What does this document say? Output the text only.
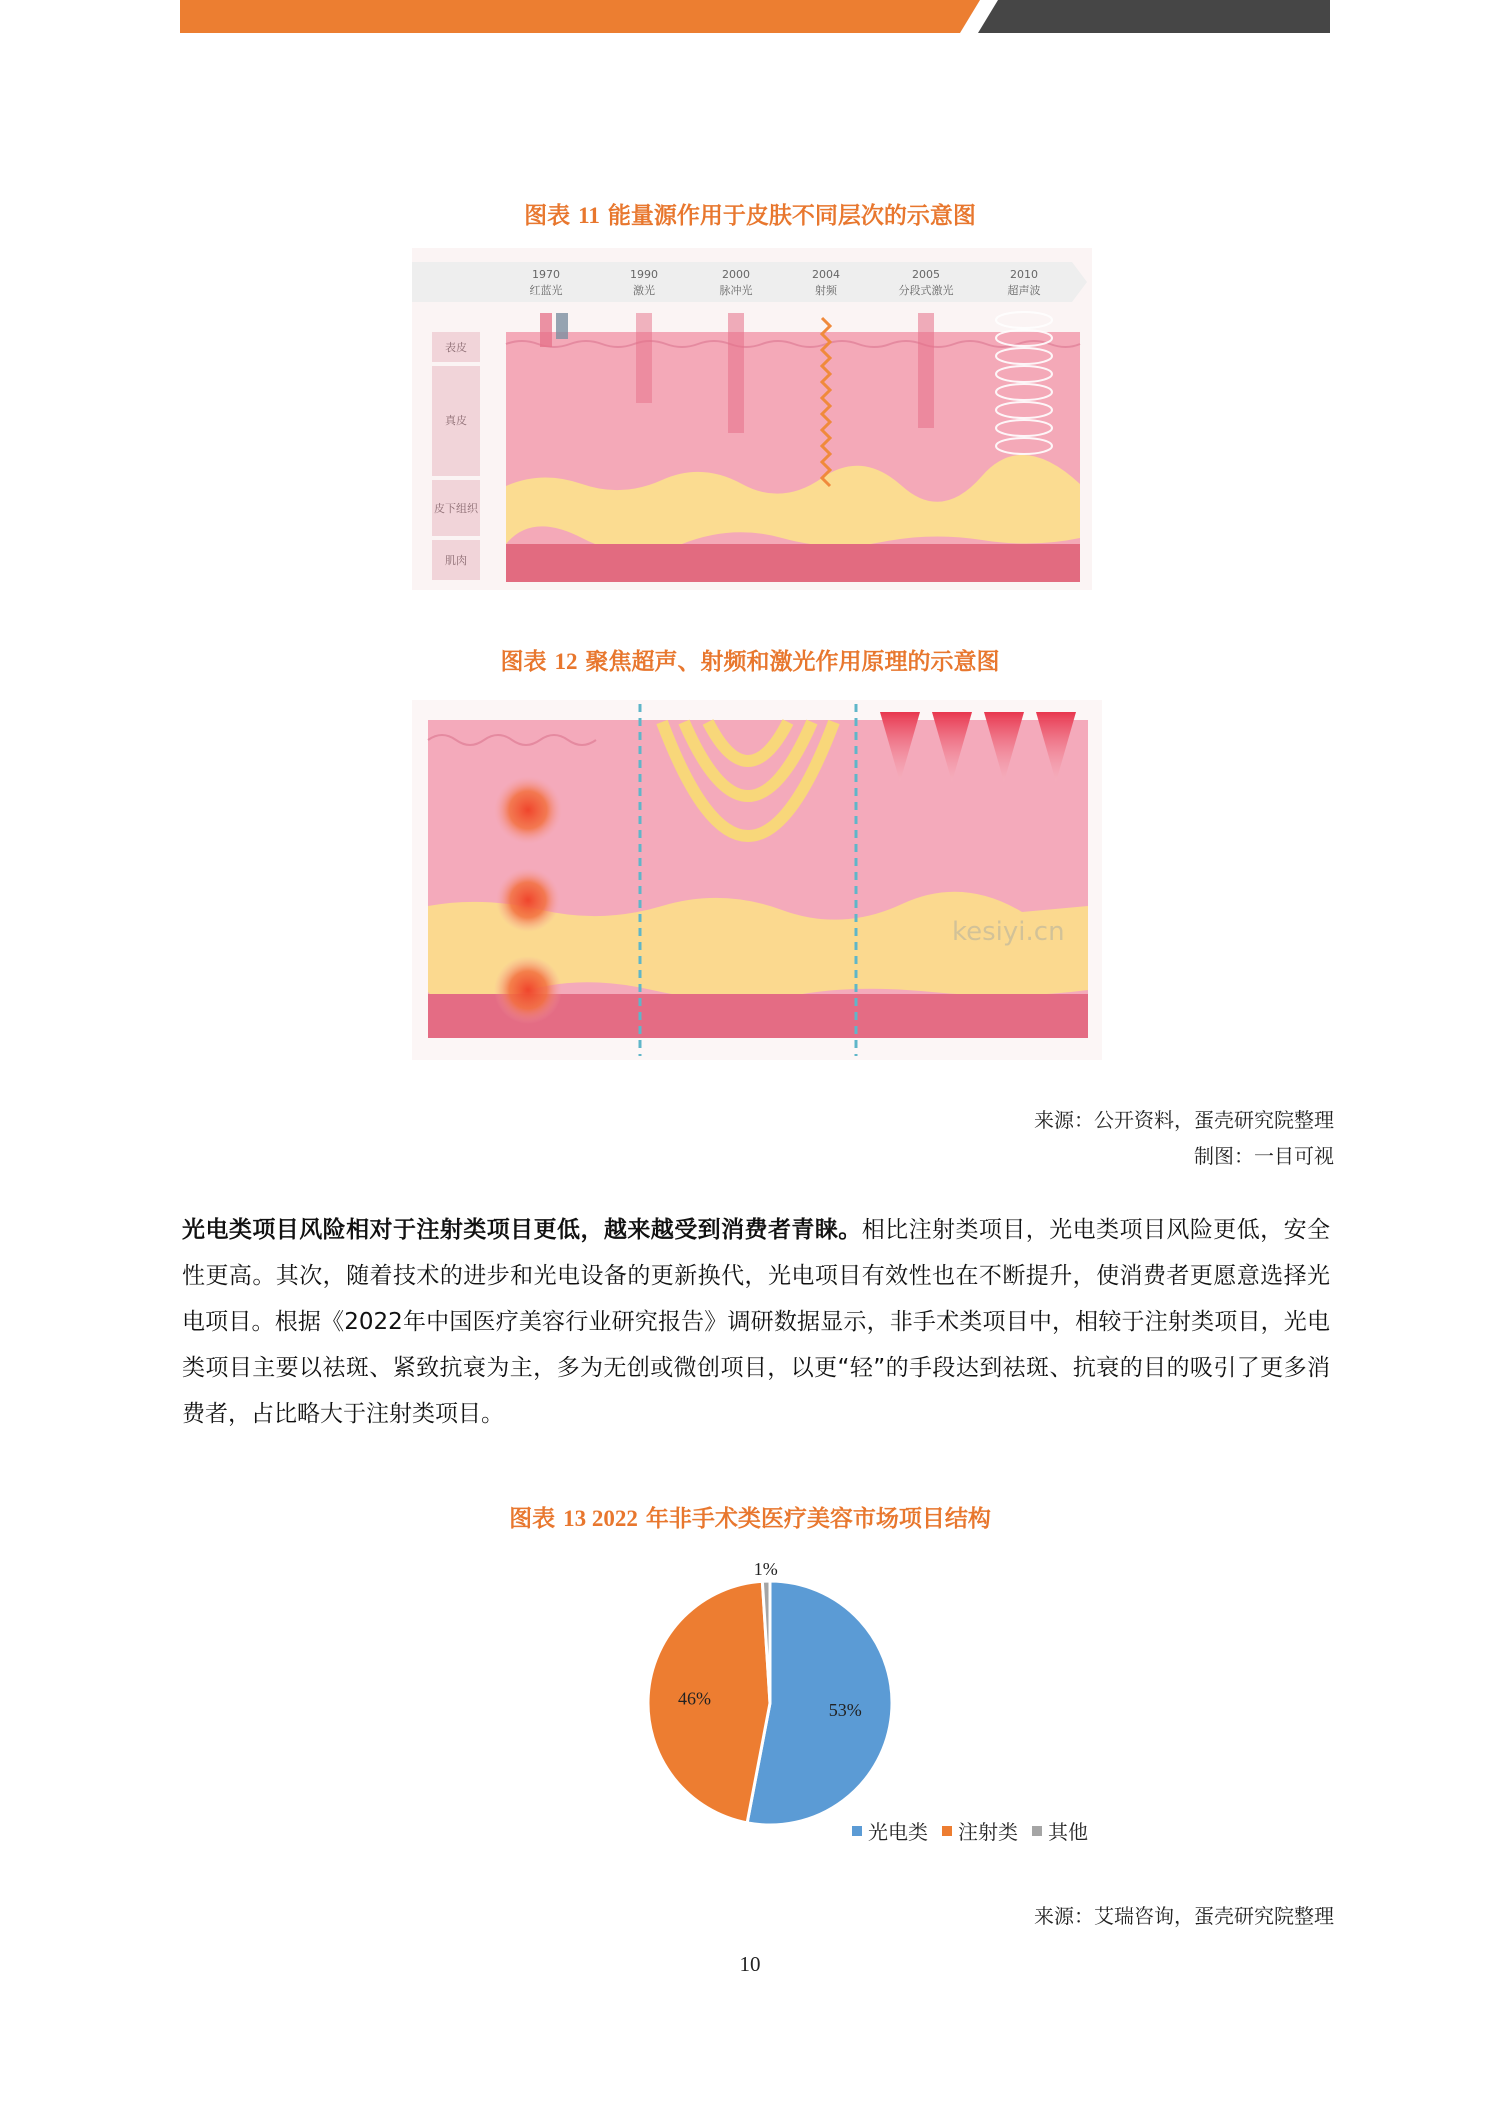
图表 11 能量源作用于皮肤不同层次的示意图
1970
红蓝光
1990
激光
2000
脉冲光
2004
射频
2005
分段式激光
2010
超声波
表皮
真皮
皮下组织
肌肉
图表 12 聚焦超声、射频和激光作用原理的示意图
kesiyi.cn
来源：公开资料，蛋壳研究院整理
制图：一目可视
光电类项目风险相对于注射类项目更低，越来越受到消费者青睐。相比注射类项目，光电类项目风险更低，安全性更高。其次，随着技术的进步和光电设备的更新换代，光电项目有效性也在不断提升，使消费者更愿意选择光电项目。根据《2022年中国医疗美容行业研究报告》调研数据显示，非手术类项目中，相较于注射类项目，光电类项目主要以祛斑、紧致抗衰为主，多为无创或微创项目，以更“轻”的手段达到祛斑、抗衰的目的吸引了更多消费者，占比略大于注射类项目。
图表 13 2022 年非手术类医疗美容市场项目结构
53%
46%
1%
光电类 注射类 其他
来源：艾瑞咨询，蛋壳研究院整理
10
